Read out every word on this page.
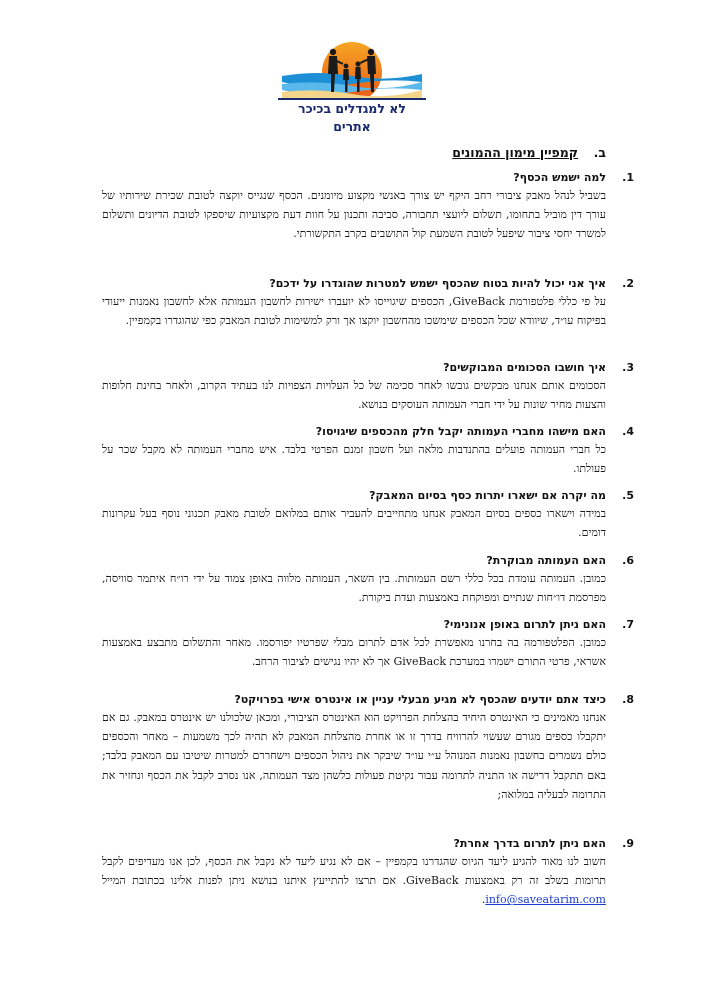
לא למגדלים בכיכר אתרים
ב.קמפיין מימון ההמונים
1.
למה ישמש הכסף?
בשביל לנהל מאבק ציבורי רחב היקף יש צורך באנשי מקצוע מיומנים. הכסף שנגייס יוקצה לטובת שכירת שירותיו של עורך דין מוביל בתחומו, תשלום ליועצי תחבורה, סביבה ותכנון על חוות דעת מקצועיות שיספקו לטובת הדיונים ותשלום למשרד יחסי ציבור שיפעל לטובת השמעת קול התושבים בקרב התקשורתי.
2.
איך אני יכול להיות בטוח שהכסף ישמש למטרות שהוגדרו על ידכם?
על פי כללי פלטפורמת GiveBack, הכספים שיגוייסו לא יועברו ישירות לחשבון העמותה אלא לחשבון נאמנות ייעודי בפיקוח עו״ד, שיוודא שכל הכספים שימשכו מהחשבון יוקצו אך ורק למשימות לטובת המאבק כפי שהוגדרו בקמפיין.
3.
איך חושבו הסכומים המבוקשים?
הסכומים אותם אנחנו מבקשים גובשו לאחר סכימה של כל העלויות הצפויות לנו בעתיד הקרוב, ולאחר בחינת חלופות והצעות מחיר שונות על ידי חברי העמותה העוסקים בנושא.
4.
האם מישהו מחברי העמותה יקבל חלק מהכספים שיגויסו?
כל חברי העמותה פועלים בהתנדבות מלאה ועל חשבון זמנם הפרטי בלבד. איש מחברי העמותה לא מקבל שכר על פעולתו.
5.
מה יקרה אם ישארו יתרות כסף בסיום המאבק?
במידה וישארו כספים בסיום המאבק אנחנו מתחייבים להעביר אותם במלואם לטובת מאבק תכנוני נוסף בעל עקרונות דומים.
6.
האם העמותה מבוקרת?
כמובן. העמותה עומדת בכל כללי רשם העמותות. בין השאר, העמותה מלווה באופן צמוד על ידי רו״ח איתמר סוויסה, מפרסמת דו״חות שנתיים ומפוקחת באמצעות ועדת ביקורת.
7.
האם ניתן לתרום באופן אנונימי?
כמובן. הפלטפורמה בה בחרנו מאפשרת לכל אדם לתרום מבלי שפרטיו יפורסמו. מאחר והתשלום מתבצע באמצעות אשראי, פרטי התורם ישמרו במערכת GiveBack אך לא יהיו נגישים לציבור הרחב.
8.
כיצד אתם יודעים שהכסף לא מגיע מבעלי עניין או אינטרס אישי בפרויקט?
אנחנו מאמינים כי האינטרס היחיד בהצלחת הפרויקט הוא האינטרס הציבורי, ומכאן שלכולנו יש אינטרס במאבק. גם אם יתקבלו כספים מגורם שעשוי להרוויח בדרך זו או אחרת מהצלחת המאבק לא תהיה לכך משמעות – מאחר והכספים כולם נשמרים בחשבון נאמנות המנוהל ע״י עו״ד שיבקר את ניהול הכספים וישחררם למטרות שיטיבו עם המאבק בלבד; באם תתקבל דרישה או התניה לתרומה עבור נקיטת פעולות כלשהן מצד העמותה, אנו נסרב לקבל את הכסף ונחזיר את התרומה לבעליה במלואה;
9.
האם ניתן לתרום בדרך אחרת?
חשוב לנו מאוד להגיע ליעד הגיוס שהגדרנו בקמפיין – אם לא נגיע ליעד לא נקבל את הכסף, לכן אנו מעדיפים לקבל תרומות בשלב זה רק באמצעות GiveBack. אם תרצו להתייעץ איתנו בנושא ניתן לפנות אלינו בכתובת המייל info@saveatarim.com.
